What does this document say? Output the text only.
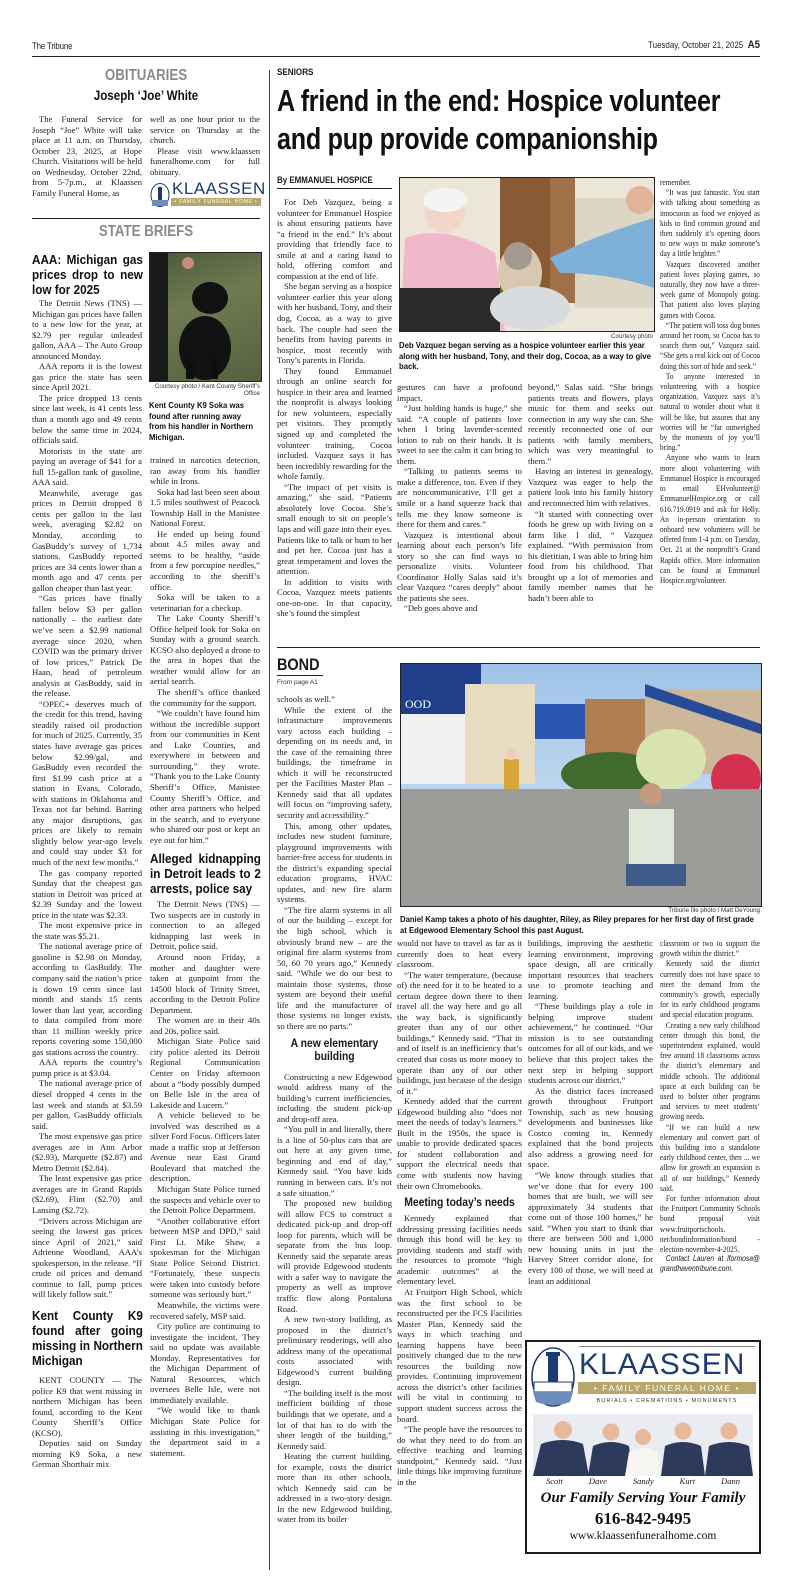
The Tribune	Tuesday, October 21, 2025 A5
OBITUARIES
Joseph ‘Joe’ White

The Funeral Service for Joseph “Joe” White will take place at 11 a.m. on Thursday, October 23, 2025, at Hope Church. Visitations will be held on Wednesday, October 22nd, from 5-7p.m., at Klaassen Family Funeral Home, as

well as one hour prior to the service on Thursday at the church.

Please visit www.klaassen funeralhome.com for full obituary.

KLAASSEN
• FAMILY FUNERAL HOME •
STATE BRIEFS
AAA: Michigan gas prices drop to new low for 2025

The Detroit News (TNS) — Michigan gas prices have fallen to a new low for the year, at $2.79 per regular unleaded gallon, AAA – The Auto Group announced Monday.

AAA reports it is the lowest gas price the state has seen since April 2021.

The price dropped 13 cents since last week, is 41 cents less than a month ago and 49 cents below the same time in 2024, officials said.

Motorists in the state are paying an average of $41 for a full 15-gallon tank of gasoline, AAA said.

Meanwhile, average gas prices in Detroit dropped 8 cents per gallon in the last week, averaging $2.82 on Monday, according to GasBuddy’s survey of 1,734 stations. GasBuddy reported prices are 34 cents lower than a month ago and 47 cents per gallon cheaper than last year.

“Gas prices have finally fallen below $3 per gallon nationally – the earliest date we’ve seen a $2.99 national average since 2020, when COVID was the primary driver of low prices,” Patrick De Haan, head of petroleum analysis at GasBuddy, said in the release.

“OPEC+ deserves much of the credit for this trend, having steadily raised oil production for much of 2025. Currently, 35 states have average gas prices below $2.99/gal, and GasBuddy even recorded the first $1.99 cash price at a station in Evans, Colorado, with stations in Oklahoma and Texas not far behind. Barring any major disruptions, gas prices are likely to remain slightly below year-ago levels and could stay under $3 for much of the next few months.”

The gas company reported Sunday that the cheapest gas station in Detroit was priced at $2.39 Sunday and the lowest price in the state was $2.33.

The most expensive price in the state was $5.21.

The national average price of gasoline is $2.98 on Monday, according to GasBuddy. The company said the nation’s price is down 19 cents since last month and stands 15 cents lower than last year, according to data compiled from more than 11 million weekly price reports covering some 150,000 gas stations across the country.

AAA reports the country’s pump price is at $3.04.

The national average price of diesel dropped 4 cents in the last week and stands at $3.59 per gallon, GasBuddy officials said.

The most expensive gas price averages are in Ann Arbor ($2.93), Marquette ($2.87) and Metro Detroit ($2.84).

The least expensive gas price averages are in Grand Rapids ($2.69), Flint ($2.70) and Lansing ($2.72).

“Drivers across Michigan are seeing the lowest gas prices since April of 2021,” said Adrienne Woodland, AAA’s spokesperson, in the release. “If crude oil prices and demand continue to fall, pump prices will likely follow suit.”

Kent County K9 found after going missing in Northern Michigan

KENT COUNTY — The police K9 that went missing in northern Michigan has been found, according to the Kent County Sheriff’s Office (KCSO).

Deputies said on Sunday morning K9 Soka, a new German Shorthair mix

Courtesy photo / Kent County Sheriff’s Office
Kent County K9 Soka was found after running away from his handler in Northern Michigan.

trained in narcotics detection, ran away from his handler while in Irons.

Soka had last been seen about 1.5 miles southwest of Peacock Township Hall in the Manistee National Forest.

He ended up being found about 4.5 miles away and seems to be healthy, “aside from a few porcupine needles,” according to the sheriff’s office.

Soka will be taken to a veterinarian for a checkup.

The Lake County Sheriff’s Office helped look for Soka on Sunday with a ground search. KCSO also deployed a drone to the area in hopes that the weather would allow for an aerial search.

The sheriff’s office thanked the community for the support.

“We couldn’t have found him without the incredible support from our communities in Kent and Lake Counties, and everywhere in between and surrounding,” they wrote. “Thank you to the Lake County Sheriff’s Office, Manistee County Sheriff’s Office, and other area partners who helped in the search, and to everyone who shared our post or kept an eye out for him.”

Alleged kidnapping in Detroit leads to 2 arrests, police say

The Detroit News (TNS) — Two suspects are in custody in connection to an alleged kidnapping last week in Detroit, police said.

Around noon Friday, a mother and daughter were taken at gunpoint from the 14500 block of Trinity Street, according to the Detroit Police Department.

The women are in their 40s and 20s, police said.

Michigan State Police said city police alerted its Detroit Regional Communication Center on Friday afternoon about a “body possibly dumped on Belle Isle in the area of Lakeside and Lucern.”

A vehicle believed to be involved was described as a silver Ford Focus. Officers later made a traffic stop at Jefferson Avenue near East Grand Boulevard that matched the description.

Michigan State Police turned the suspects and vehicle over to the Detroit Police Department.

“Another collaborative effort between MSP and DPD,” said First Lt. Mike Shaw, a spokesman for the Michigan State Police Second District. “Fortunately, these suspects were taken into custody before someone was seriously hurt.”

Meanwhile, the victims were recovered safely, MSP said.

City police are continuing to investigate the incident. They said no update was available Monday. Representatives for the Michigan Department of Natural Resources, which oversees Belle Isle, were not immediately available.

“We would like to thank Michigan State Police for assisting in this investigation,” the department said in a statement.

SENIORS
A friend in the end: Hospice volunteer and pup provide companionship
By EMMANUEL HOSPICE

For Deb Vazquez, being a volunteer for Emmanuel Hospice is about ensuring patients have “a friend in the end.” It’s about providing that friendly face to smile at and a caring hand to hold, offering comfort and compassion at the end of life.

She began serving as a hospice volunteer earlier this year along with her husband, Tony, and their dog, Cocoa, as a way to give back. The couple had seen the benefits from having parents in hospice, most recently with Tony’s parents in Florida.

They found Emmanuel through an online search for hospice in their area and learned the nonprofit is always looking for new volunteers, especially pet visitors. They promptly signed up and completed the volunteer training, Cocoa included. Vazquez says it has been incredibly rewarding for the whole family.

“The impact of pet visits is amazing,” she said. “Patients absolutely love Cocoa. She’s small enough to sit on people’s laps and will gaze into their eyes. Patients like to talk or hum to her and pet her. Cocoa just has a great temperament and loves the attention.

In addition to visits with Cocoa, Vazquez meets patients one-on-one. In that capacity, she’s found the simplest

Courtesy photo
Deb Vazquez began serving as a hospice volunteer earlier this year along with her husband, Tony, and their dog, Cocoa, as a way to give back.

gestures can have a profound impact.

“Just holding hands is huge,” she said. “A couple of patients love when I bring lavender-scented lotion to rub on their hands. It is sweet to see the calm it can bring to them.

“Talking to patients seems to make a difference, too. Even if they are noncommunicative, I’ll get a smile or a hand squeeze back that tells me they know someone is there for them and cares.”

Vazquez is intentional about learning about each person’s life story so she can find ways to personalize visits. Volunteer Coordinator Holly Salas said it’s clear Vazquez “cares deeply” about the patients she sees.

“Deb goes above and

beyond,” Salas said. “She brings patients treats and flowers, plays music for them and seeks out connection in any way she can. She recently reconnected one of our patients with family members, which was very meaningful to them.”

Having an interest in genealogy, Vazquez was eager to help the patient look into his family history and reconnected him with relatives.

“It started with connecting over foods he grew up with living on a farm like I did, ” Vazquez explained. “With permission from his dietitian, I was able to bring him food from his childhood. That brought up a lot of memories and family member names that he hadn’t been able to

remember.

“It was just fantastic. You start with talking about something as innocuous as food we enjoyed as kids to find common ground and then suddenly it’s opening doors to new ways to make someone’s day a little brighter.”

Vazquez discovered another patient loves playing games, so naturally, they now have a three-week game of Monopoly going. That patient also loves playing games with Cocoa.

“The patient will toss dog bones around her room, so Cocoa has to search them out,” Vazquez said. “She gets a real kick out of Cocoa doing this sort of hide and seek.”

To anyone interested in volunteering with a hospice organization, Vazquez says it’s natural to wonder about what it will be like, but assures that any worries will be “far outweighed by the moments of joy you’ll bring.”

Anyone who wants to learn more about volunteering with Emmanuel Hospice is encouraged to email EHvolunteer@ EmmanuelHospice.org or call 616.719.0919 and ask for Holly. An in-person orientation to onboard new volunteers will be offered from 1-4 p.m. on Tuesday, Oct. 21 at the nonprofit’s Grand Rapids office. More information can be found at Emmanuel Hospice.org/volunteer.

BOND
From page A1

schools as well.”

While the extent of the infrastructure improvements vary across each building – depending on its needs and, in the case of the remaining three buildings, the timeframe in which it will be reconstructed per the Facilities Master Plan – Kennedy said that all updates will focus on “improving safety, security and accessibility.”

This, among other updates, includes new student furniture, playground improvements with barrier-free access for students in the district’s expanding special education programs, HVAC updates, and new fire alarm systems.

“The fire alarm systems in all of our the building – except for the high school, which is obviously brand new – are the original fire alarm systems from 50, 60 70 years ago,” Kennedy said. “While we do our best to maintain those systems, those system are beyond their useful life and the manufacturer of those systems no longer exists, so there are no parts.”

A new elementary building

Constructing a new Edgewood would address many of the building’s current inefficiencies, including the student pick-up and drop-off area.

“You pull in and literally, there is a line of 50-plus cars that are out here at any given time, beginning and end of day,” Kennedy said. “You have kids running in between cars. It’s not a safe situation.”

The proposed new building will allow FCS to construct a dedicated pick-up and drop-off loop for parents, which will be separate from the bus loop. Kennedy said the separate areas will provide Edgewood students with a safer way to navigate the property as well as improve traffic flow along Pontaluna Road.

A new two-story building, as proposed in the district’s preliminary renderings, will also address many of the operational costs associated with Edgewood’s current building design.

“The building itself is the most inefficient building of those buildings that we operate, and a lot of that has to do with the sheer length of the building,” Kennedy said.

Heating the current building, for example, costs the district more than its other schools, which Kennedy said can be addressed in a two-story design. In the new Edgewood building, water from its boiler

OOD
Tribune file photo / Matt DeYoung
Daniel Kamp takes a photo of his daughter, Riley, as Riley prepares for her first day of first grade at Edgewood Elementary School this past August.

would not have to travel as far as it currently does to heat every classroom.

“The water temperature, (because of) the need for it to be heated to a certain degree down there to then travel all the way here and go all the way back, is significantly greater than any of our other buildings,” Kennedy said. “That in and of itself is an inefficiency that’s created that costs us more money to operate than any of our other buildings, just because of the design of it.”

Kennedy added that the current Edgewood building also “does not meet the needs of today’s learners.” Built in the 1950s, the space is unable to provide dedicated spaces for student collaboration and support the electrical needs that come with students now having their own Chromebooks.

Meeting today’s needs

Kennedy explained that addressing pressing facilities needs through this bond will be key to providing students and staff with the resources to promote “high academic outcomes” at the elementary level.

At Fruitport High School, which was the first school to be reconstructed per the FCS Facilities Master Plan, Kennedy said the ways in which teaching and learning happens have been positively changed due to the new resources the building now provides. Continuing improvement across the district’s other facilities will be vital in continuing to support student success across the board.

“The people have the resources to do what they need to do from an effective teaching and learning standpoint,” Kennedy said. “Just little things like improving furniture in the

buildings, improving the aesthetic learning environment, improving space design, all are critically important resources that teachers use to promote teaching and learning.

“These buildings play a role in helping improve student achievement,” he continued. “Our mission is to see outstanding outcomes for all of our kids, and we believe that this project takes the next step in helping support students across our district.”

As the district faces increased growth throughout Fruitport Township, such as new housing developments and businesses like Costco coming in, Kennedy explained that the bond projects also address a growing need for space.

“We know through studies that we’ve done that for every 100 homes that are built, we will see approximately 34 students that come out of those 100 homes,” he said. “When you start to think that there are between 500 and 1,000 new housing units in just the Harvey Street corridor alone, for every 100 of those, we will need at least an additional

classroom or two to support the growth within the district.”

Kennedy said the district currently does not have space to meet the demand from the community’s growth, especially for its early childhood programs and special education programs.

Creating a new early childhood center through this bond, the superintendent explained, would free around 18 classrooms across the district’s elementary and middle schools. The additional space at each building can be used to bolster other programs and services to meet students’ growing needs.

“If we can build a new elementary and convert part of this building into a standalone early childhood center, then ... we allow for growth an expansion is all of our buildings,” Kennedy said.

For further information about the Fruitport Community Schools bond proposal visit www.fruitportschools. net/bondinformation/bond -election-november-4-2025.

Contact Lauren at lformosa@ grandhaventribune.com.

KLAASSEN
• FAMILY FUNERAL HOME •
BURIALS • CREMATIONS • MONUMENTS
Scott	Dave	Sandy	Kurt	Dann
Our Family Serving Your Family
616-842-9495
www.klaassenfuneralhome.com
